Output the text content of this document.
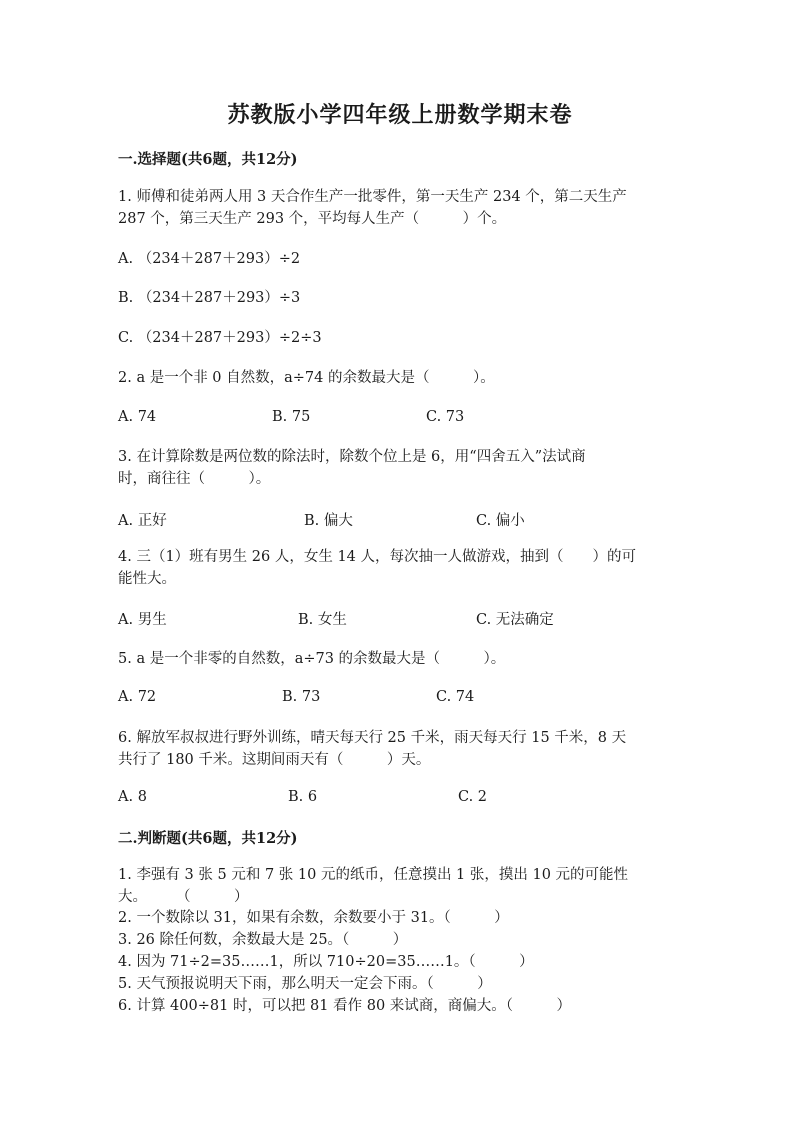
苏教版小学四年级上册数学期末卷
一.选择题(共6题，共12分)
1. 师傅和徒弟两人用 3 天合作生产一批零件，第一天生产 234 个，第二天生产
287 个，第三天生产 293 个，平均每人生产（　　　）个。
A. （234＋287＋293）÷2
B. （234＋287＋293）÷3
C. （234＋287＋293）÷2÷3
2. a 是一个非 0 自然数，a÷74 的余数最大是（　　　）。
A. 74	B. 75	C. 73
3. 在计算除数是两位数的除法时，除数个位上是 6，用“四舍五入”法试商
时，商往往（　　　）。
A. 正好	B. 偏大	C. 偏小
4. 三（1）班有男生 26 人，女生 14 人，每次抽一人做游戏，抽到（　　）的可
能性大。
A. 男生	B. 女生	C. 无法确定
5. a 是一个非零的自然数，a÷73 的余数最大是（　　　）。
A. 72	B. 73	C. 74
6. 解放军叔叔进行野外训练，晴天每天行 25 千米，雨天每天行 15 千米，8 天
共行了 180 千米。这期间雨天有（　　　）天。
A. 8	B. 6	C. 2
二.判断题(共6题，共12分)
1. 李强有 3 张 5 元和 7 张 10 元的纸币，任意摸出 1 张，摸出 10 元的可能性
大。　　　（　　　）
2. 一个数除以 31，如果有余数，余数要小于 31。（　　　）
3. 26 除任何数，余数最大是 25。（　　　）
4. 因为 71÷2=35……1，所以 710÷20=35……1。（　　　）
5. 天气预报说明天下雨，那么明天一定会下雨。（　　　）
6. 计算 400÷81 时，可以把 81 看作 80 来试商，商偏大。（　　　）
